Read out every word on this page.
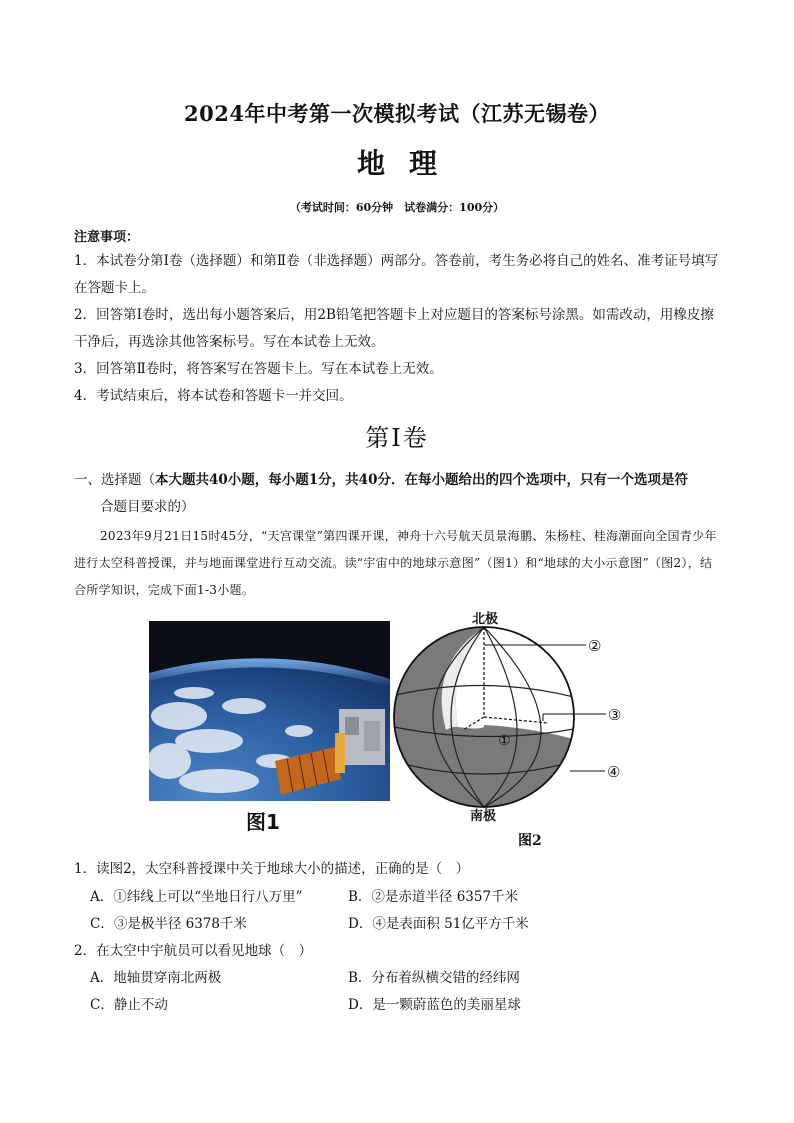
2024年中考第一次模拟考试（江苏无锡卷）
地理
（考试时间：60分钟　试卷满分：100分）
注意事项：
1．本试卷分第Ⅰ卷（选择题）和第Ⅱ卷（非选择题）两部分。答卷前，考生务必将自己的姓名、准考证号填写在答题卡上。
2．回答第Ⅰ卷时，选出每小题答案后，用2B铅笔把答题卡上对应题目的答案标号涂黑。如需改动，用橡皮擦干净后，再选涂其他答案标号。写在本试卷上无效。
3．回答第Ⅱ卷时，将答案写在答题卡上。写在本试卷上无效。
4．考试结束后，将本试卷和答题卡一并交回。
第Ⅰ卷
一、选择题（本大题共40小题，每小题1分，共40分．在每小题给出的四个选项中，只有一个选项是符
合题目要求的）
2023年9月21日15时45分，“天宫课堂”第四课开课，神舟十六号航天员景海鹏、朱杨柱、桂海潮面向全国青少年进行太空科普授课，并与地面课堂进行互动交流。读“宇宙中的地球示意图”（图1）和“地球的大小示意图”（图2），结合所学知识，完成下面1-3小题。
图1
北极
南极
①
②
③
④
图2
1．读图2，太空科普授课中关于地球大小的描述，正确的是（　）
A．①纬线上可以“坐地日行八万里”	B．②是赤道半径 6357千米
C．③是极半径 6378千米	D．④是表面积 51亿平方千米
2．在太空中宇航员可以看见地球（　）
A．地轴贯穿南北两极	B．分布着纵横交错的经纬网
C．静止不动	D．是一颗蔚蓝色的美丽星球
